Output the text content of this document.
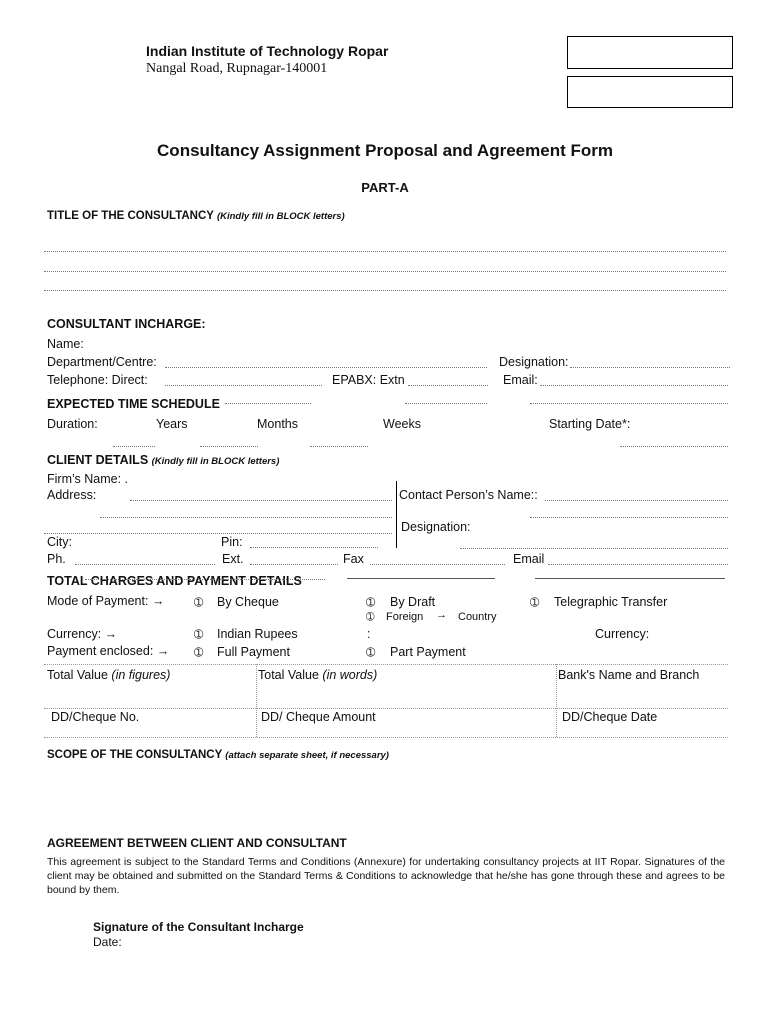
Indian Institute of Technology Ropar
Nangal Road, Rupnagar-140001
Consultancy Assignment Proposal and Agreement Form
PART-A
TITLE OF THE CONSULTANCY (Kindly fill in BLOCK letters)
CONSULTANT INCHARGE:
Name:
Department/Centre:	Designation:
Telephone: Direct:	EPABX: Extn	Email:
EXPECTED TIME SCHEDULE
Duration:	Years	Months	Weeks	Starting Date*:
CLIENT DETAILS (Kindly fill in BLOCK letters)
Firm’s Name: .
Address:	Contact Person’s Name::
Designation:
City:	Pin:
Ph.	Ext.	Fax	Email
TOTAL CHARGES AND PAYMENT DETAILS
Mode of Payment: →	➀ By Cheque	➀ By Draft	➀ Telegraphic Transfer
➀ Foreign → Country
Currency: →	➀ Indian Rupees	:	Currency:
Payment enclosed: → ➀ Full Payment	➀ Part Payment
Total Value (in figures)	Total Value (in words)	Bank's Name and Branch
DD/Cheque No.	DD/ Cheque Amount	DD/Cheque Date
SCOPE OF THE CONSULTANCY (attach separate sheet, if necessary)
AGREEMENT BETWEEN CLIENT AND CONSULTANT

This agreement is subject to the Standard Terms and Conditions (Annexure) for undertaking consultancy projects at IIT Ropar. Signatures of the client may be obtained and submitted on the Standard Terms & Conditions to acknowledge that he/she has gone through these and agrees to be bound by them.

Signature of the Consultant Incharge
Date:
